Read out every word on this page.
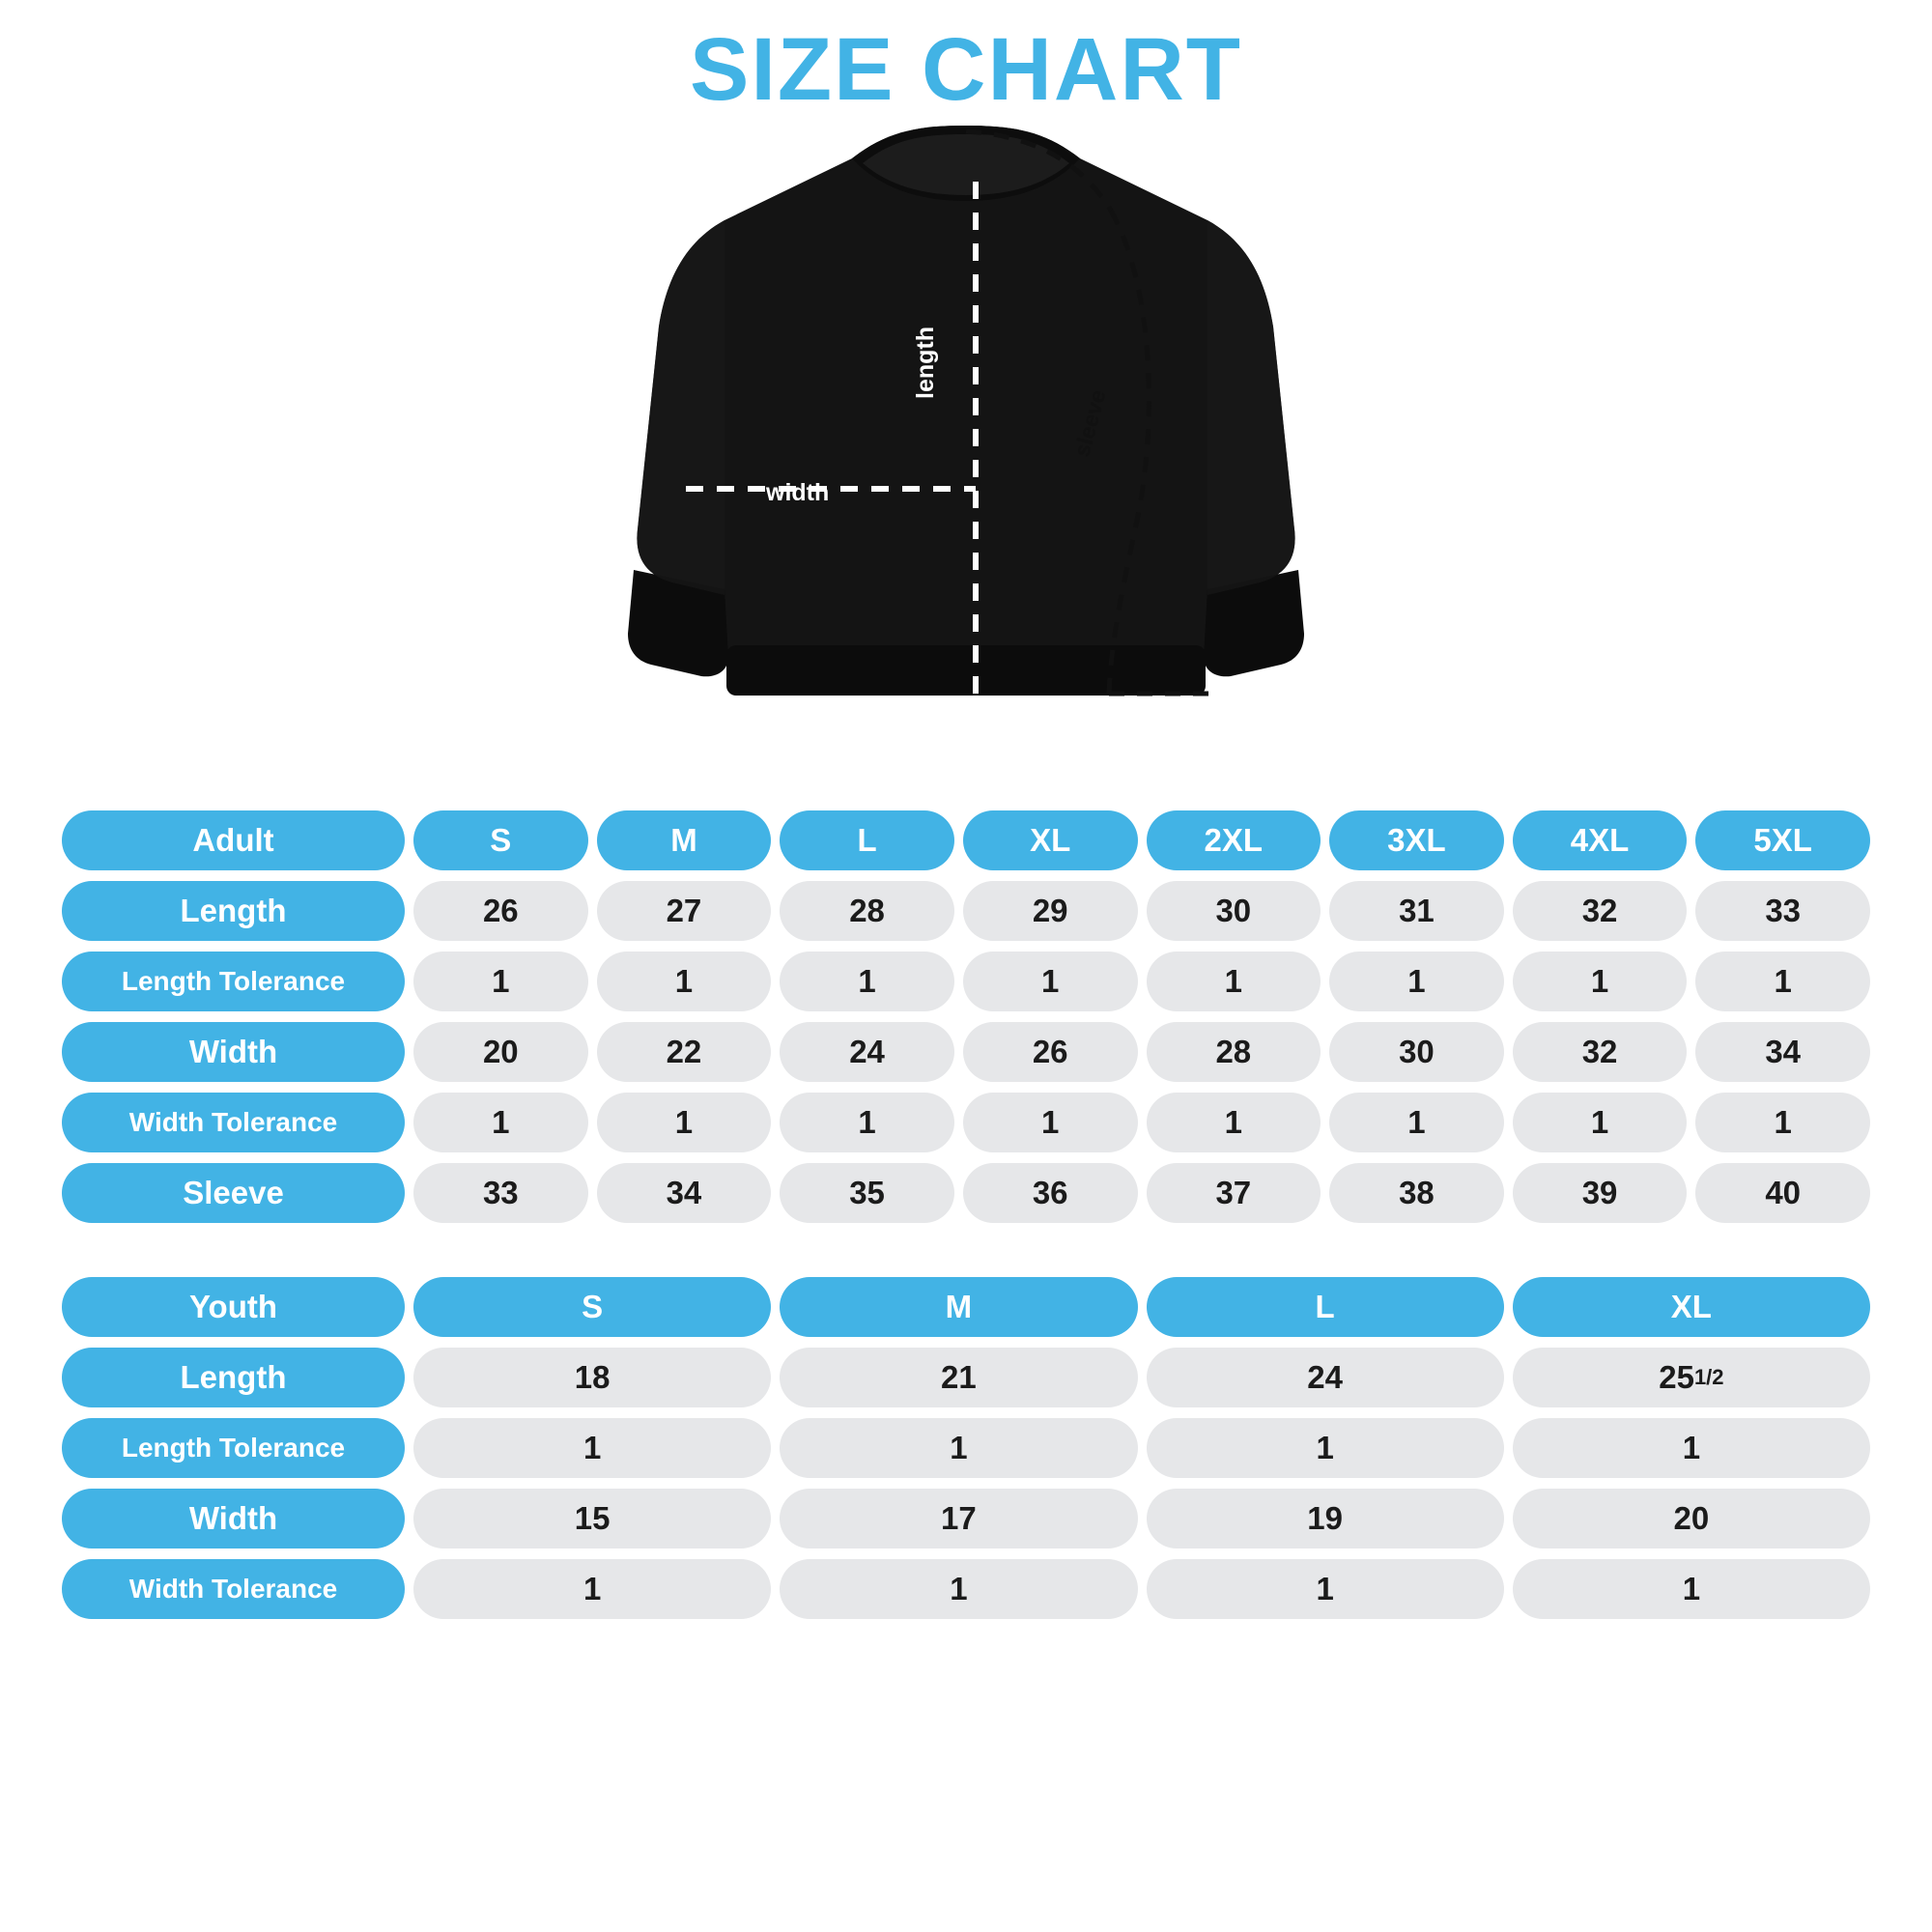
SIZE CHART
width
length
sleeve
Adult	S	M	L	XL	2XL	3XL	4XL	5XL

Length	26	27	28	29	30	31	32	33

Length Tolerance	1	1	1	1	1	1	1	1

Width	20	22	24	26	28	30	32	34

Width Tolerance	1	1	1	1	1	1	1	1

Sleeve	33	34	35	36	37	38	39	40
Youth	S	M	L	XL

Length	18	21	24	25 1/2

Length Tolerance	1	1	1	1

Width	15	17	19	20

Width Tolerance	1	1	1	1
